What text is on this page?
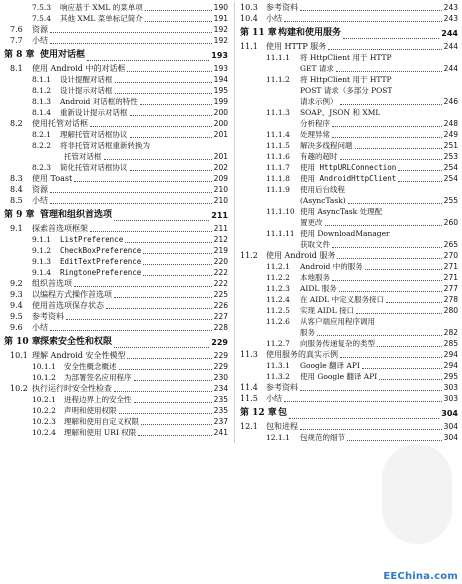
7.5.3	响应基于 XML 的菜单项	190
7.5.4	其他 XML 菜单标记简介	191
7.6	资源	192
7.7	小结	192
第 8 章 使用对话框	193
8.1	使用 Android 中的对话框	193
8.1.1	设计提醒对话框	194
8.1.2	设计提示对话框	195
8.1.3	Android 对话框的特性	199
8.1.4	重新设计提示对话框	200
8.2	使用托管对话框	200
8.2.1	理解托管对话框协议	201
8.2.2	将非托管对话框重新转换为
托管对话框	201
8.2.3	简化托管对话框协议	202
8.3	使用 Toast	209
8.4	资源	210
8.5	小结	210
第 9 章 管理和组织首选项	211
9.1	探索首选项框架	211
9.1.1	ListPreference	212
9.1.2	CheckBoxPreference	219
9.1.3	EditTextPreference	220
9.1.4	RingtonePreference	222
9.2	组织首选项	222
9.3	以编程方式操作首选项	225
9.4	使用首选项保存状态	226
9.5	参考资料	227
9.6	小结	228
第 10 章 探索安全性和权限	229
10.1 理解 Android 安全性模型	229
10.1.1	安全性概念概述	229
10.1.2	为部署签名应用程序	230
10.2 执行运行时安全性检查	234
10.2.1	进程边界上的安全性	235
10.2.2	声明和使用权限	235
10.2.3	理解和使用自定义权限	237
10.2.4	理解和使用 URI 权限	241
10.3	参考资料	243
10.4	小结	243
第 11 章 构建和使用服务	244
11.1	使用 HTTP 服务	244
11.1.1	将 HttpClient 用于 HTTP
GET 请求	244
11.1.2	将 HttpClient 用于 HTTP
POST 请求（多部分 POST
请求示例）	246
11.1.3	SOAP、JSON 和 XML
分析程序	248
11.1.4	处理异常	249
11.1.5	解决多线程问题	251
11.1.6	有趣的超时	253
11.1.7	使用 HttpURLConnection	254
11.1.8	使用 AndroidHttpClient	254
11.1.9	使用后台线程
(AsyncTask)	255
11.1.10 使用 AsyncTask 处理配
置更改	260
11.1.11 使用 DownloadManager
获取文件	265
11.2	使用 Android 服务	270
11.2.1	Android 中的服务	271
11.2.2	本地服务	271
11.2.3	AIDL 服务	277
11.2.4	在 AIDL 中定义服务接口	278
11.2.5	实现 AIDL 接口	280
11.2.6	从客户端应用程序调用
服务	282
11.2.7	向服务传递复杂的类型	285
11.3	使用服务的真实示例	294
11.3.1	Google 翻译 API	294
11.3.2	使用 Google 翻译 API	295
11.4	参考资料	303
11.5	小结	303
第 12 章 包	304
12.1	包和进程	304
12.1.1	包规范的细节	304
EEChina.com
